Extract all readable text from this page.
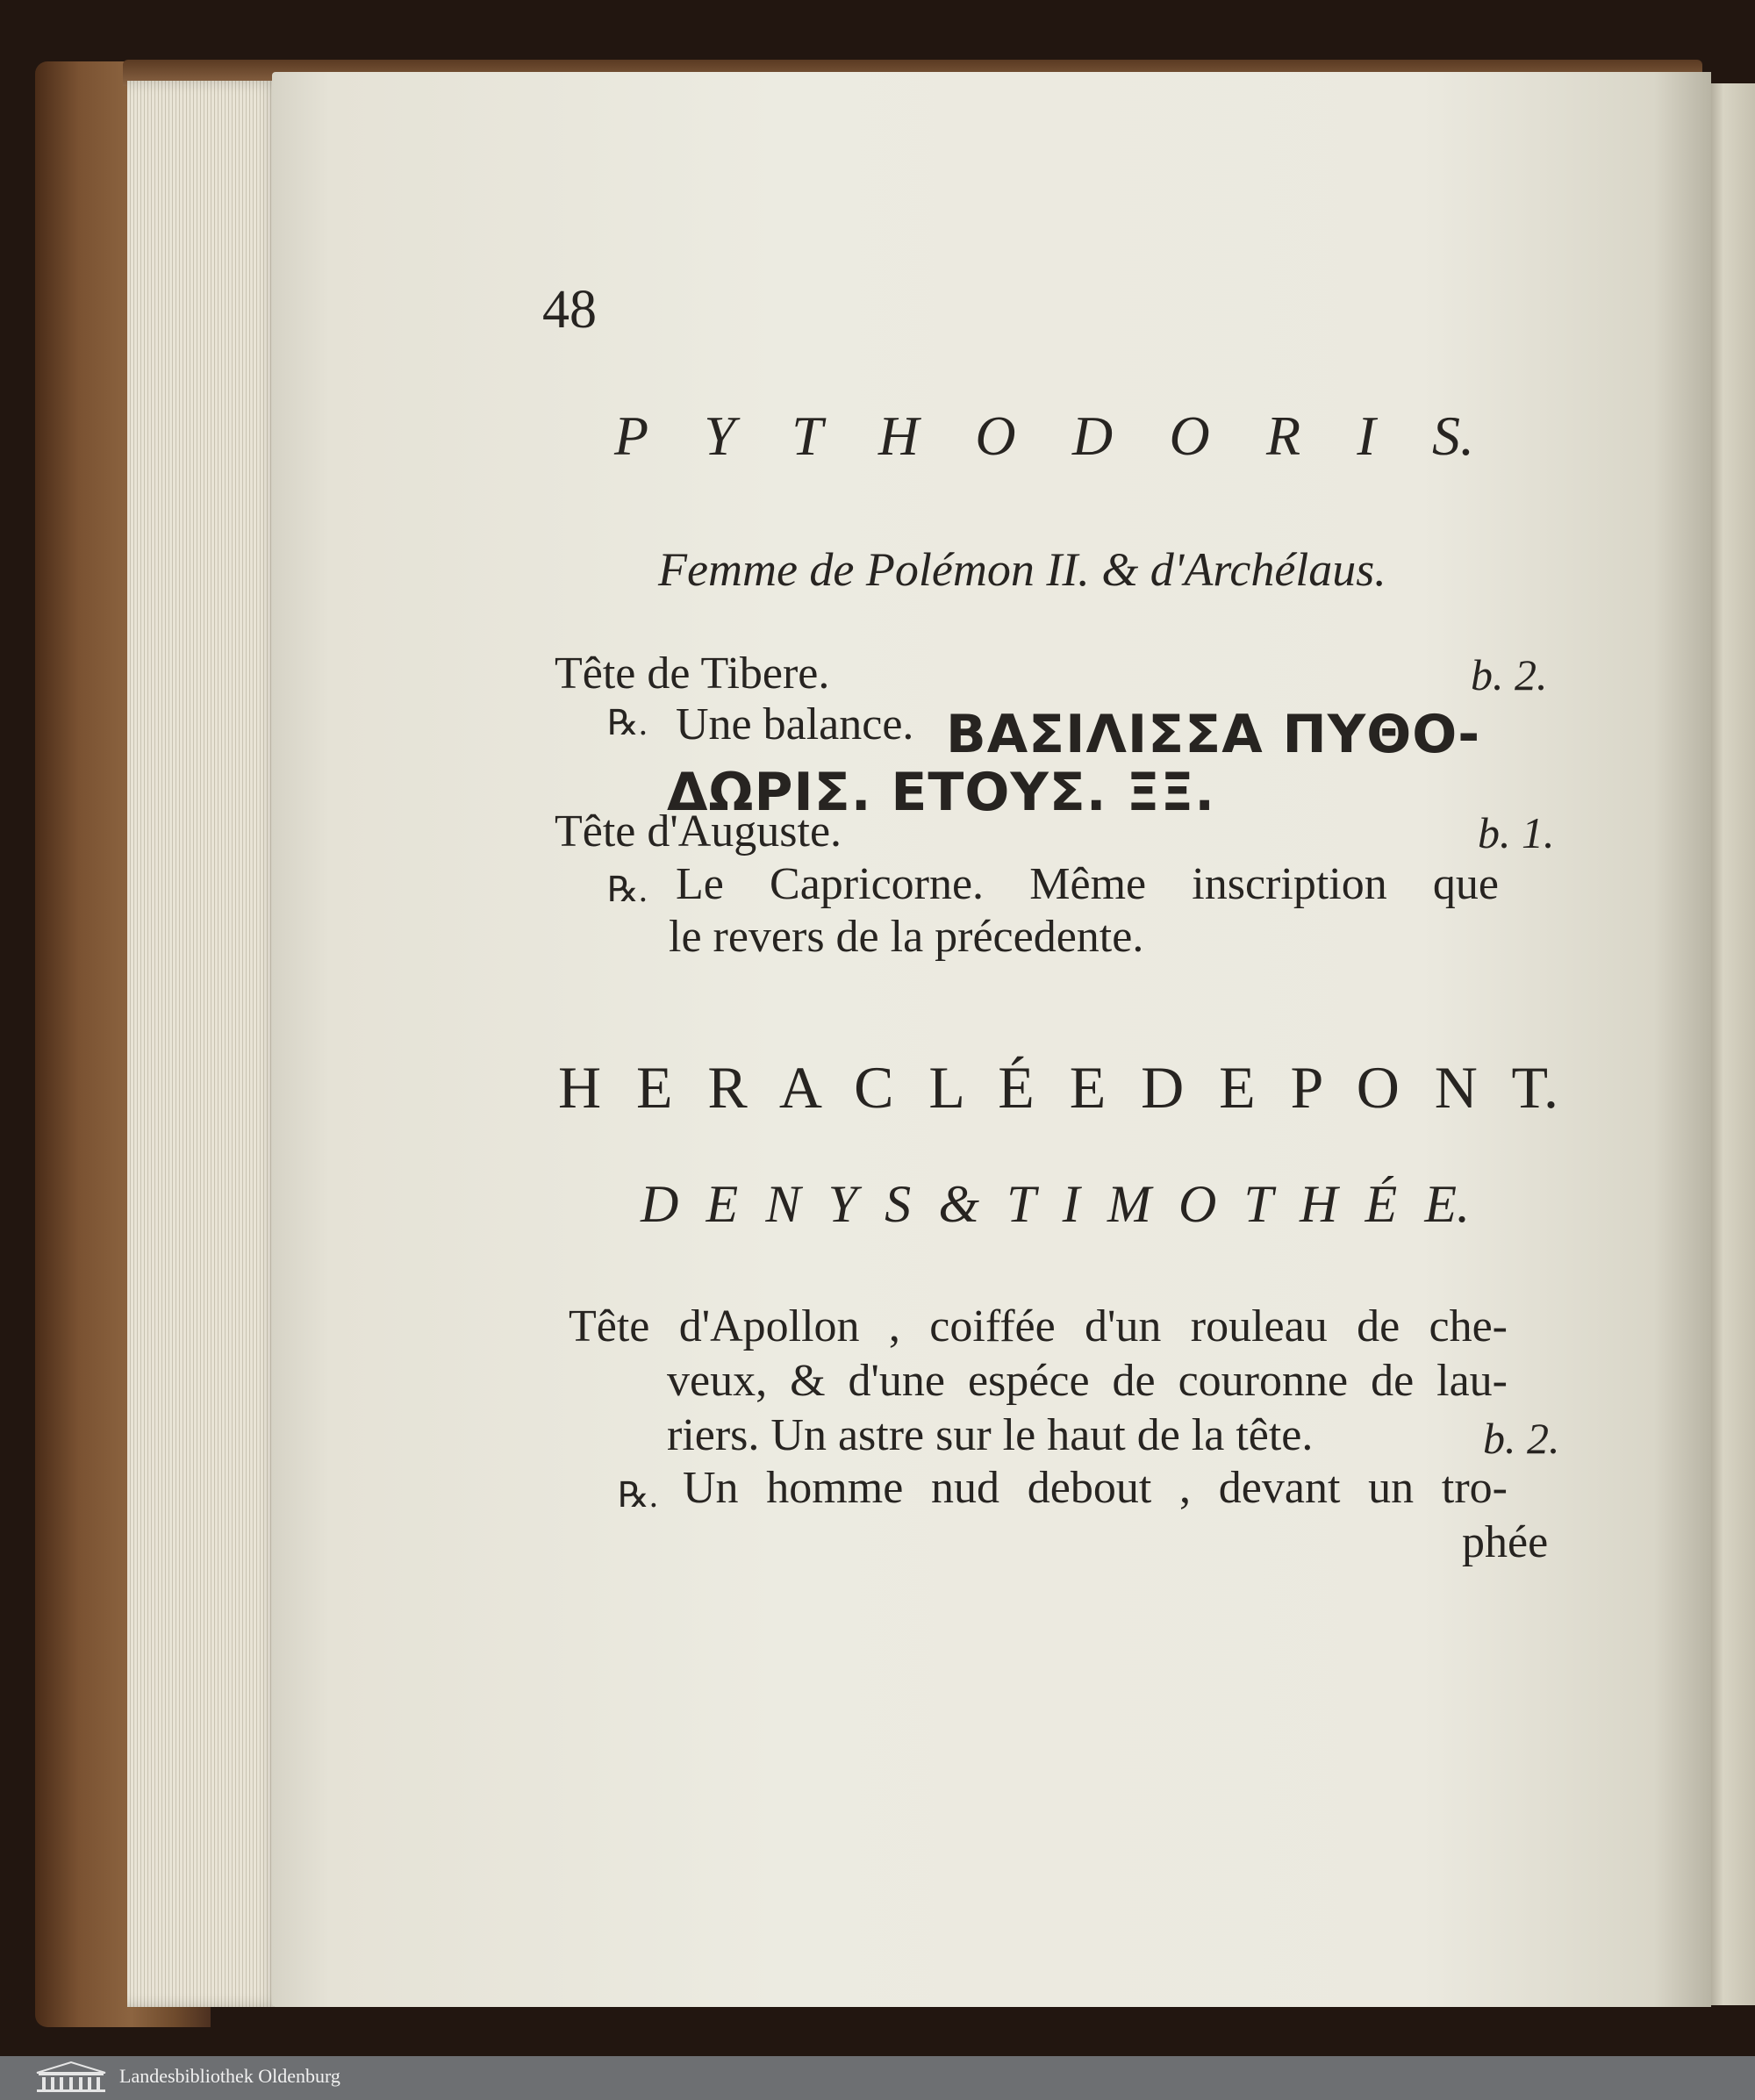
48

P Y T H O D O R I S.

Femme de Polémon II. & d'Archélaus.

Tête de Tibere.	b. 2.

℞. Une balance. ΒΑΣΙΛΙΣΣΑ ΠΥΘΟ-

ΔΩΡΙΣ. ΕΤΟΥΣ. ΞΞ.

Tête d'Auguste.	b. 1.

℞. Le Capricorne. Même inscription que

le revers de la précedente.

H E R A C L É E D E P O N T.

D E N Y S & T I M O T H É E.

Tête d'Apollon , coiffée d'un rouleau de che-

veux, & d'une espéce de couronne de lau-

riers. Un astre sur le haut de la tête.	b. 2.

℞. Un homme nud debout , devant un tro-

phée

Landesbibliothek Oldenburg
